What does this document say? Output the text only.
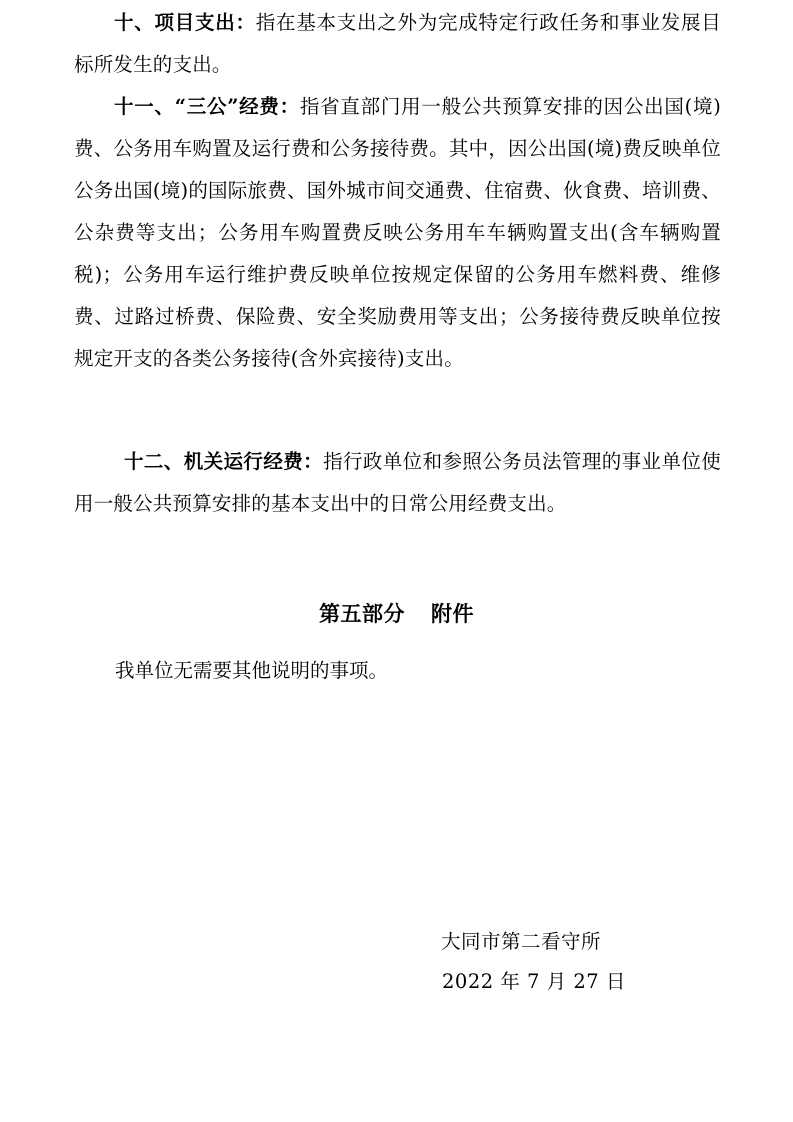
十、项目支出：指在基本支出之外为完成特定行政任务和事业发展目标所发生的支出。

十一、“三公”经费：指省直部门用一般公共预算安排的因公出国(境)费、公务用车购置及运行费和公务接待费。其中，因公出国(境)费反映单位公务出国(境)的国际旅费、国外城市间交通费、住宿费、伙食费、培训费、公杂费等支出；公务用车购置费反映公务用车车辆购置支出(含车辆购置税)；公务用车运行维护费反映单位按规定保留的公务用车燃料费、维修费、过路过桥费、保险费、安全奖励费用等支出；公务接待费反映单位按规定开支的各类公务接待(含外宾接待)支出。

十二、机关运行经费：指行政单位和参照公务员法管理的事业单位使用一般公共预算安排的基本支出中的日常公用经费支出。

第五部分 附件

我单位无需要其他说明的事项。

大同市第二看守所

2022 年 7 月 27 日
